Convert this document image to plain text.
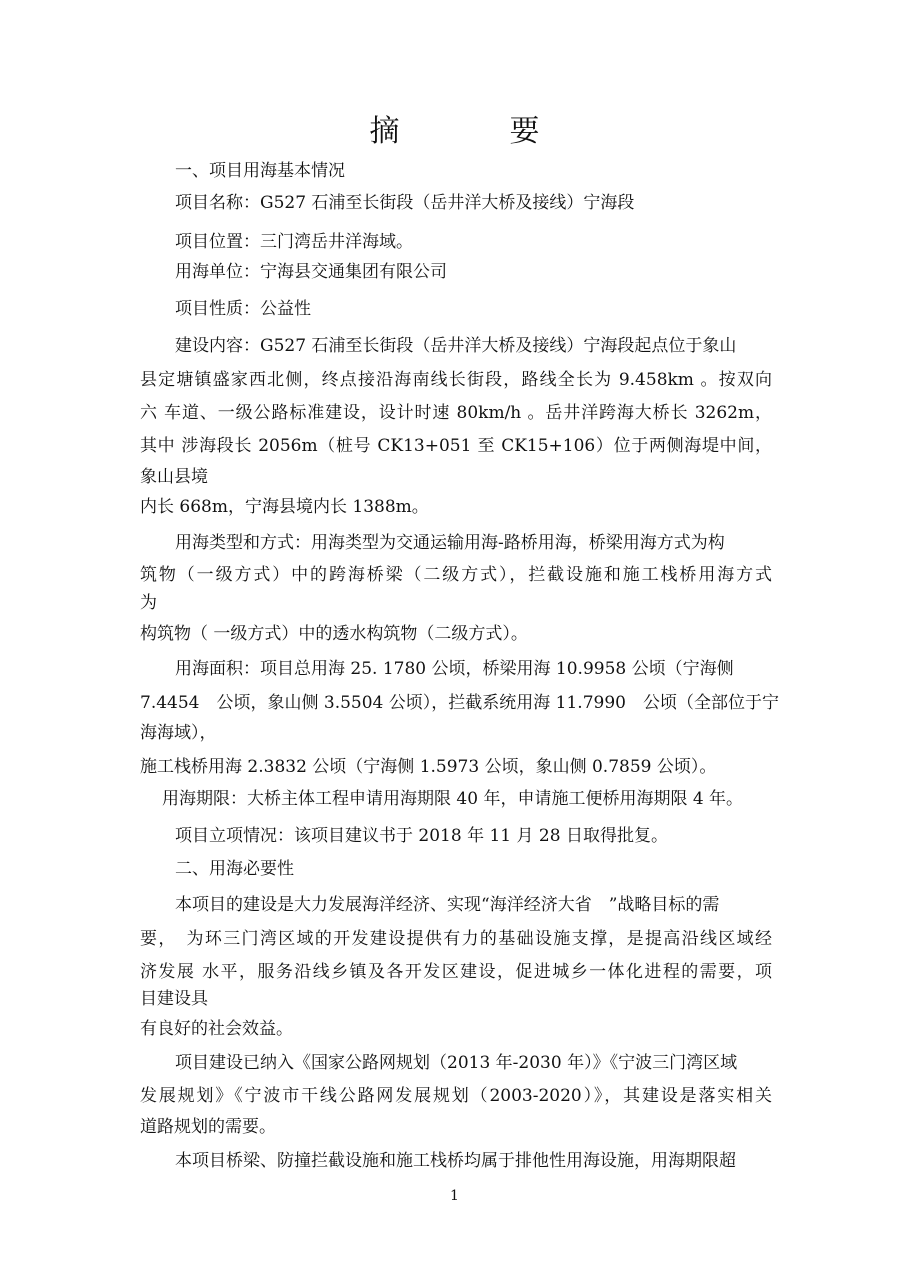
摘　要
一、项目用海基本情况
项目名称：G527 石浦至长街段（岳井洋大桥及接线）宁海段
项目位置：三门湾岳井洋海域。
用海单位：宁海县交通集团有限公司
项目性质：公益性
建设内容：G527 石浦至长街段（岳井洋大桥及接线）宁海段起点位于象山
县定塘镇盛家西北侧，终点接沿海南线长街段，路线全长为 9.458km 。按双向
六 车道、一级公路标准建设，设计时速 80km/h 。岳井洋跨海大桥长 3262m，
其中 涉海段长 2056m（桩号 CK13+051 至 CK15+106）位于两侧海堤中间，
象山县境
内长 668m，宁海县境内长 1388m。
用海类型和方式：用海类型为交通运输用海-路桥用海，桥梁用海方式为构
筑物（一级方式）中的跨海桥梁（二级方式），拦截设施和施工栈桥用海方式
为
构筑物（ 一级方式）中的透水构筑物（二级方式）。
用海面积：项目总用海 25. 1780 公顷，桥梁用海 10.9958 公顷（宁海侧
7.4454　公顷，象山侧 3.5504 公顷），拦截系统用海 11.7990　公顷（全部位于宁
海海域），
施工栈桥用海 2.3832 公顷（宁海侧 1.5973 公顷，象山侧 0.7859 公顷）。
用海期限：大桥主体工程申请用海期限 40 年，申请施工便桥用海期限 4 年。
项目立项情况：该项目建议书于 2018 年 11 月 28 日取得批复。
二、用海必要性
本项目的建设是大力发展海洋经济、实现“海洋经济大省　”战略目标的需
要，　为环三门湾区域的开发建设提供有力的基础设施支撑，是提高沿线区域经
济发展 水平，服务沿线乡镇及各开发区建设，促进城乡一体化进程的需要，项
目建设具
有良好的社会效益。
项目建设已纳入《国家公路网规划（2013 年-2030 年）》《宁波三门湾区域
发展规划》《宁波市干线公路网发展规划（2003-2020）》，其建设是落实相关
道路规划的需要。
本项目桥梁、防撞拦截设施和施工栈桥均属于排他性用海设施，用海期限超
1
